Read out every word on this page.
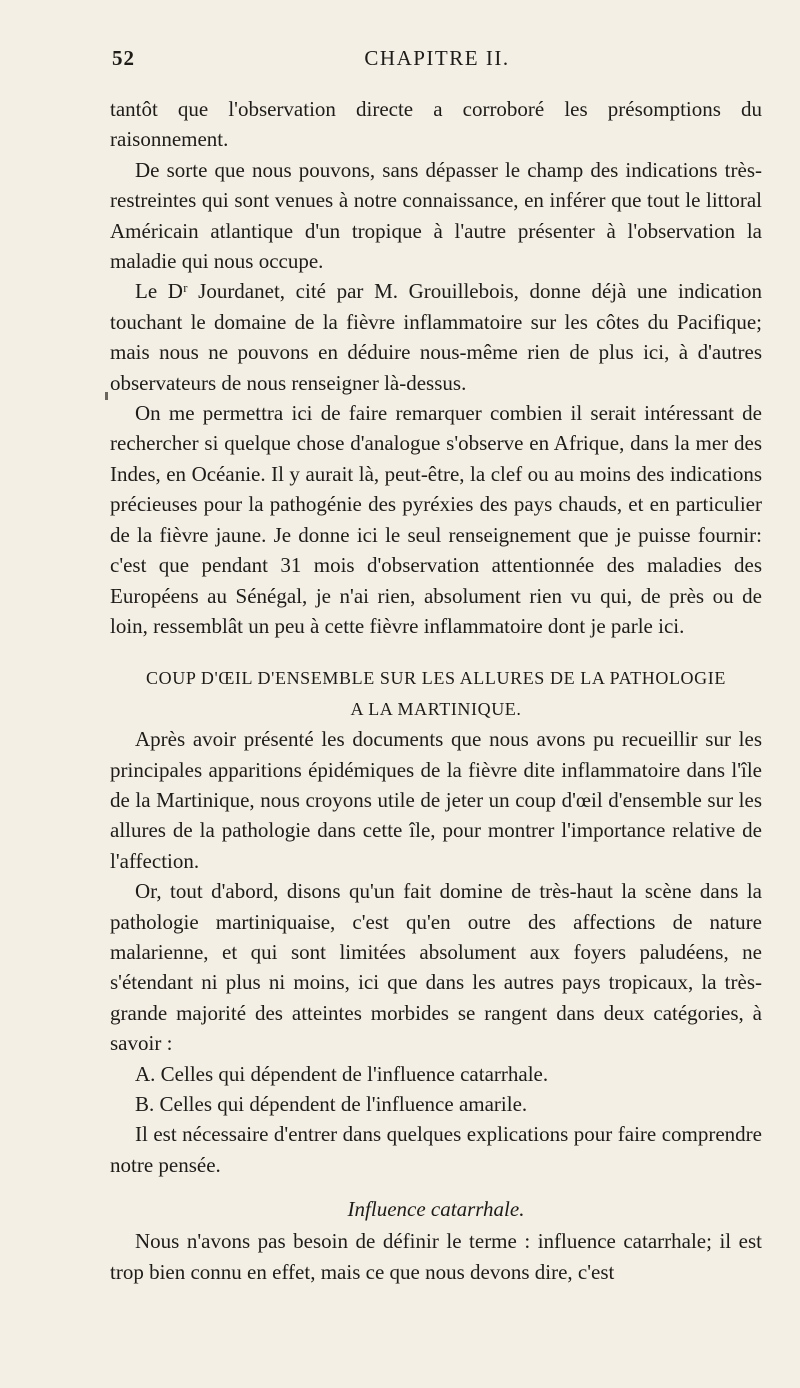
52	CHAPITRE II.

tantôt que l'observation directe a corroboré les présomptions du raisonnement.

De sorte que nous pouvons, sans dépasser le champ des indications très-restreintes qui sont venues à notre connaissance, en inférer que tout le littoral Américain atlantique d'un tropique à l'autre présenter à l'observation la maladie qui nous occupe.

Le Dʳ Jourdanet, cité par M. Grouillebois, donne déjà une indication touchant le domaine de la fièvre inflammatoire sur les côtes du Pacifique; mais nous ne pouvons en déduire nous-même rien de plus ici, à d'autres observateurs de nous renseigner là-dessus.

On me permettra ici de faire remarquer combien il serait intéressant de rechercher si quelque chose d'analogue s'observe en Afrique, dans la mer des Indes, en Océanie. Il y aurait là, peut-être, la clef ou au moins des indications précieuses pour la pathogénie des pyréxies des pays chauds, et en particulier de la fièvre jaune. Je donne ici le seul renseignement que je puisse fournir: c'est que pendant 31 mois d'observation attentionnée des maladies des Européens au Sénégal, je n'ai rien, absolument rien vu qui, de près ou de loin, ressemblât un peu à cette fièvre inflammatoire dont je parle ici.

COUP D'ŒIL D'ENSEMBLE SUR LES ALLURES DE LA PATHOLOGIE
A LA MARTINIQUE.

Après avoir présenté les documents que nous avons pu recueillir sur les principales apparitions épidémiques de la fièvre dite inflammatoire dans l'île de la Martinique, nous croyons utile de jeter un coup d'œil d'ensemble sur les allures de la pathologie dans cette île, pour montrer l'importance relative de l'affection.

Or, tout d'abord, disons qu'un fait domine de très-haut la scène dans la pathologie martiniquaise, c'est qu'en outre des affections de nature malarienne, et qui sont limitées absolument aux foyers paludéens, ne s'étendant ni plus ni moins, ici que dans les autres pays tropicaux, la très-grande majorité des atteintes morbides se rangent dans deux catégories, à savoir :

A. Celles qui dépendent de l'influence catarrhale.

B. Celles qui dépendent de l'influence amarile.

Il est nécessaire d'entrer dans quelques explications pour faire comprendre notre pensée.

Influence catarrhale.

Nous n'avons pas besoin de définir le terme : influence catarrhale; il est trop bien connu en effet, mais ce que nous devons dire, c'est
